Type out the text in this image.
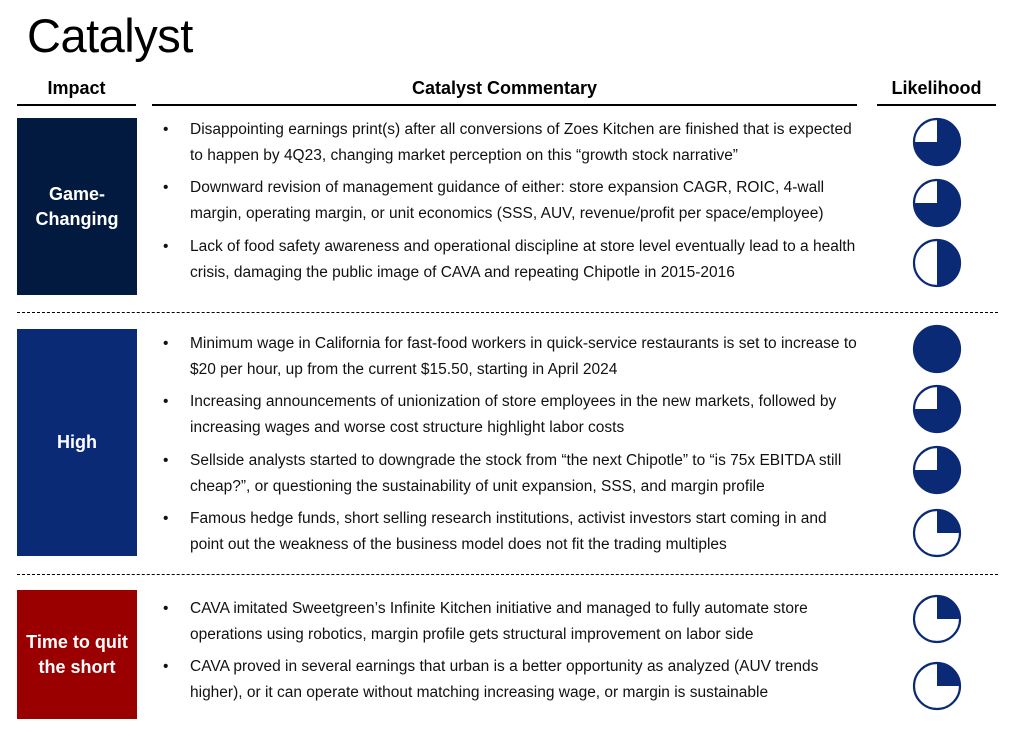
Catalyst
Impact	Catalyst Commentary	Likelihood
Game-Changing
•	Disappointing earnings print(s) after all conversions of Zoes Kitchen are finished that is expected to happen by 4Q23, changing market perception on this “growth stock narrative”
•	Downward revision of management guidance of either: store expansion CAGR, ROIC, 4-wall margin, operating margin, or unit economics (SSS, AUV, revenue/profit per space/employee)
•	Lack of food safety awareness and operational discipline at store level eventually lead to a health crisis, damaging the public image of CAVA and repeating Chipotle in 2015-2016
High
•	Minimum wage in California for fast-food workers in quick-service restaurants is set to increase to $20 per hour, up from the current $15.50, starting in April 2024
•	Increasing announcements of unionization of store employees in the new markets, followed by increasing wages and worse cost structure highlight labor costs
•	Sellside analysts started to downgrade the stock from “the next Chipotle” to “is 75x EBITDA still cheap?”, or questioning the sustainability of unit expansion, SSS, and margin profile
•	Famous hedge funds, short selling research institutions, activist investors start coming in and point out the weakness of the business model does not fit the trading multiples
Time to quit the short
•	CAVA imitated Sweetgreen’s Infinite Kitchen initiative and managed to fully automate store operations using robotics, margin profile gets structural improvement on labor side
•	CAVA proved in several earnings that urban is a better opportunity as analyzed (AUV trends higher), or it can operate without matching increasing wage, or margin is sustainable
